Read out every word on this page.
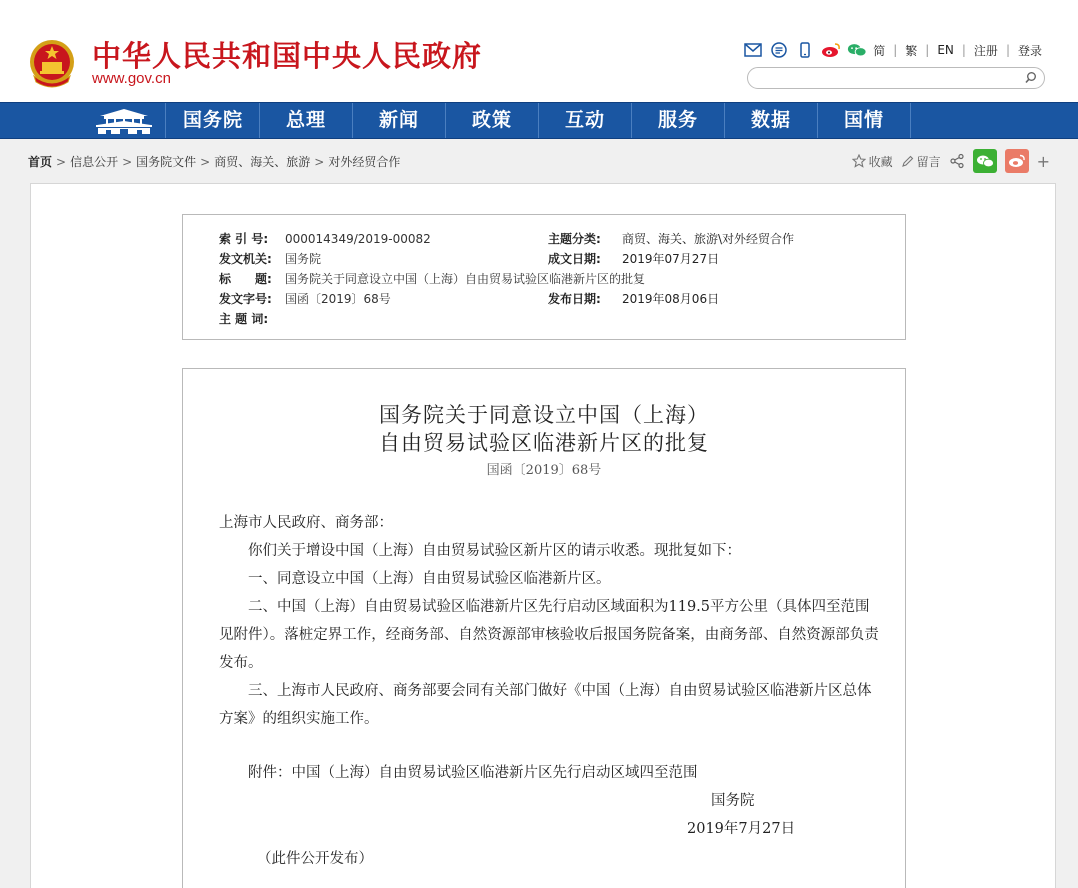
中华人民共和国中央人民政府
www.gov.cn
简 | 繁 | EN | 注册 | 登录
国务院	总理	新闻	政策	互动	服务	数据	国情
首页 > 信息公开 > 国务院文件 > 商贸、海关、旅游 > 对外经贸合作	收藏 留言	+
索 引 号: 000014349/2019-00082	主题分类: 商贸、海关、旅游\对外经贸合作
发文机关: 国务院	成文日期: 2019年07月27日
标　　题: 国务院关于同意设立中国（上海）自由贸易试验区临港新片区的批复
发文字号: 国函〔2019〕68号	发布日期: 2019年08月06日
主 题 词:
国务院关于同意设立中国（上海）
自由贸易试验区临港新片区的批复
国函〔2019〕68号

上海市人民政府、商务部：

你们关于增设中国（上海）自由贸易试验区新片区的请示收悉。现批复如下：

一、同意设立中国（上海）自由贸易试验区临港新片区。

二、中国（上海）自由贸易试验区临港新片区先行启动区域面积为119.5平方公里（具体四至范围见附件）。落桩定界工作，经商务部、自然资源部审核验收后报国务院备案，由商务部、自然资源部负责发布。

三、上海市人民政府、商务部要会同有关部门做好《中国（上海）自由贸易试验区临港新片区总体方案》的组织实施工作。

附件：中国（上海）自由贸易试验区临港新片区先行启动区域四至范围

国务院

2019年7月27日

（此件公开发布）
